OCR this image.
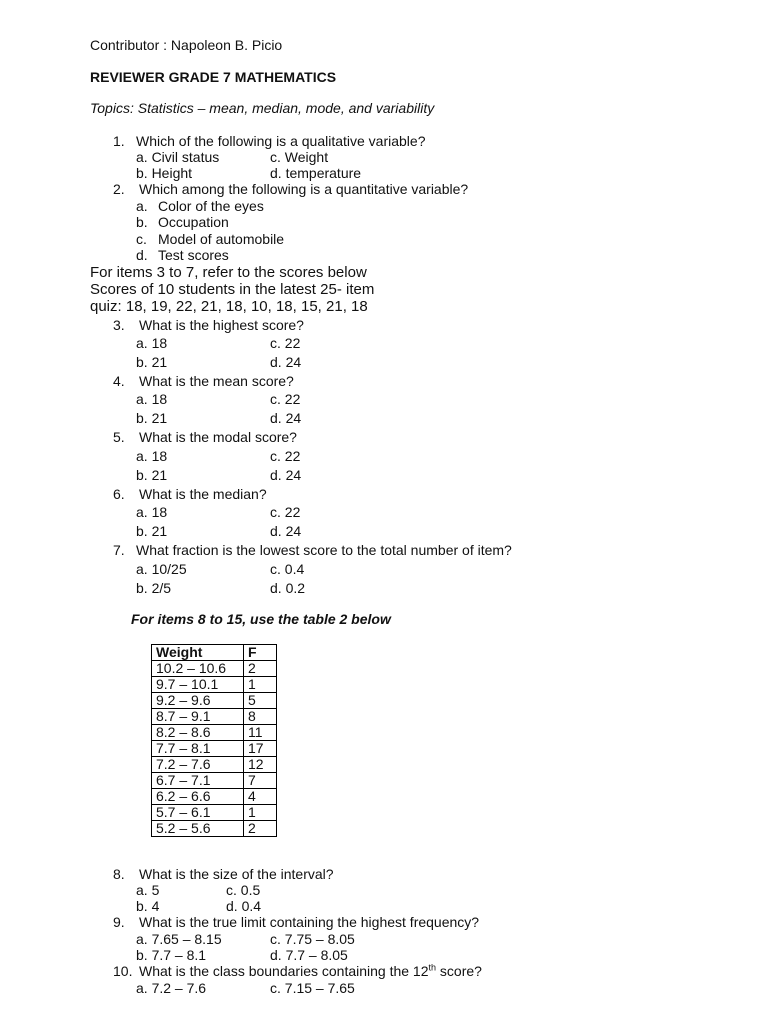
Contributor : Napoleon B. Picio
REVIEWER GRADE 7 MATHEMATICS
Topics: Statistics – mean, median, mode, and variability
1. Which of the following is a qualitative variable?
a. Civil status	c. Weight
b. Height	d. temperature
2. Which among the following is a quantitative variable?
a. Color of the eyes
b. Occupation
c. Model of automobile
d. Test scores
For items 3 to 7, refer to the scores below
Scores of 10 students in the latest 25- item
quiz: 18, 19, 22, 21, 18, 10, 18, 15, 21, 18
3. What is the highest score?
a. 18	c. 22
b. 21	d. 24
4. What is the mean score?
a. 18	c. 22
b. 21	d. 24
5. What is the modal score?
a. 18	c. 22
b. 21	d. 24
6. What is the median?
a. 18	c. 22
b. 21	d. 24
7. What fraction is the lowest score to the total number of item?
a. 10/25	c. 0.4
b. 2/5	d. 0.2
For items 8 to 15, use the table 2 below
Weight	F
10.2 – 10.6	2
9.7 – 10.1	1
9.2 – 9.6	5
8.7 – 9.1	8
8.2 – 8.6	11
7.7 – 8.1	17
7.2 – 7.6	12
6.7 – 7.1	7
6.2 – 6.6	4
5.7 – 6.1	1
5.2 – 5.6	2
8. What is the size of the interval?
a. 5	c. 0.5
b. 4	d. 0.4
9. What is the true limit containing the highest frequency?
a. 7.65 – 8.15	c. 7.75 – 8.05
b. 7.7 – 8.1	d. 7.7 – 8.05
10. What is the class boundaries containing the 12th score?
a. 7.2 – 7.6	c. 7.15 – 7.65
